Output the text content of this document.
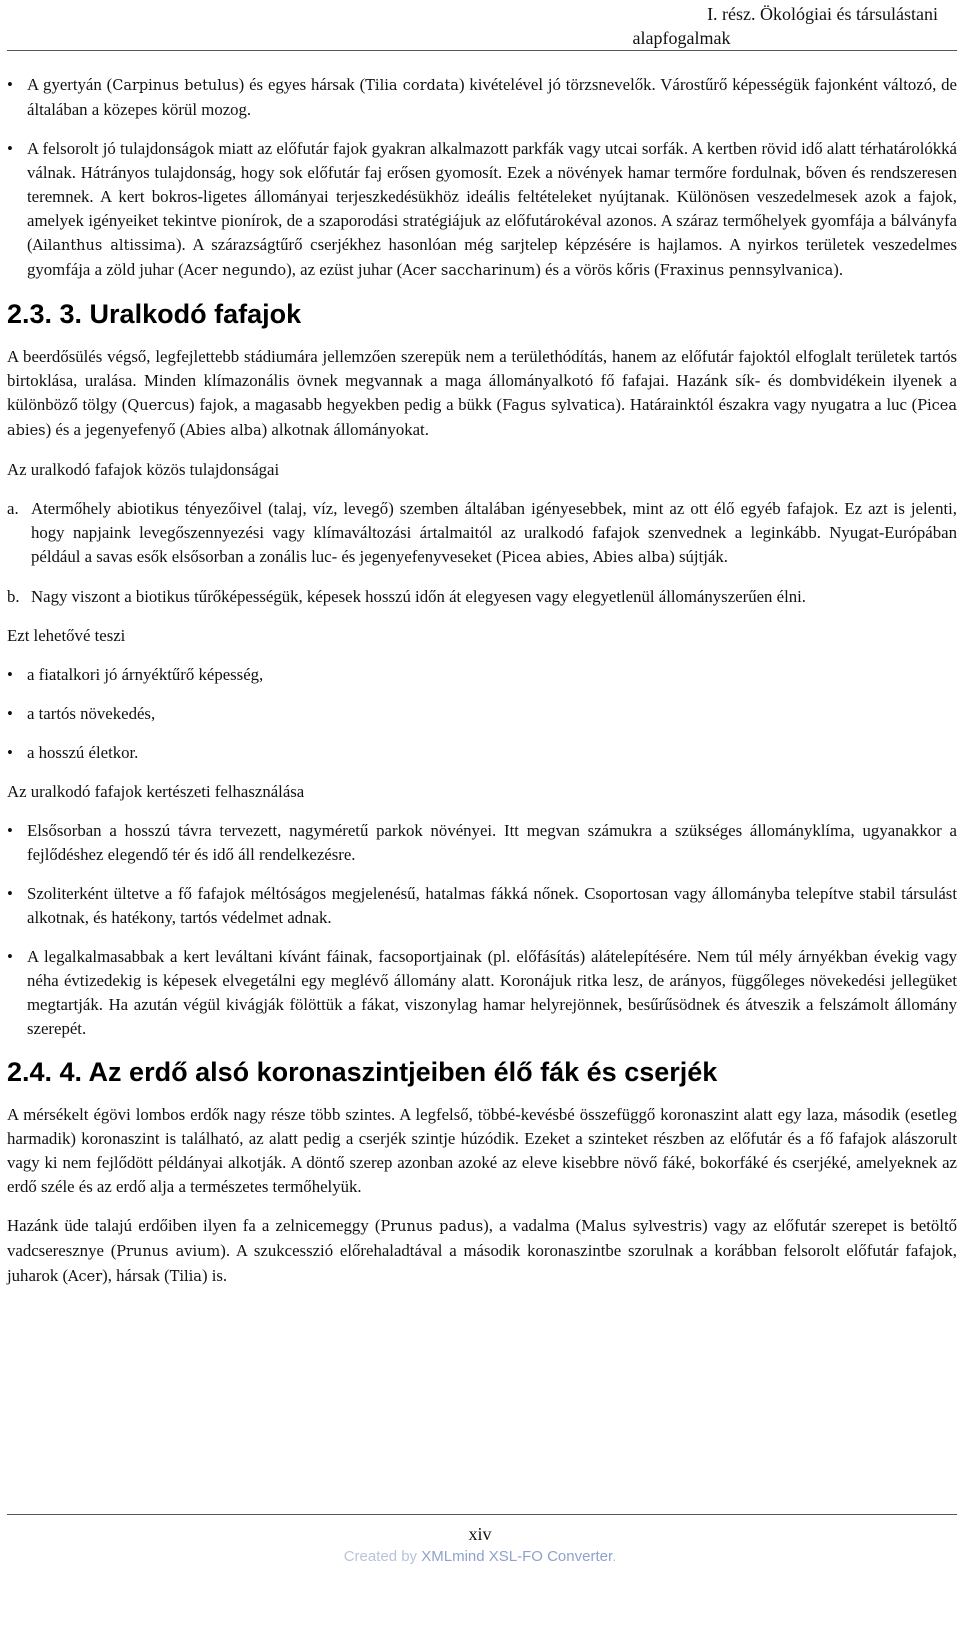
I. rész. Ökológiai és társulástani
alapfogalmak

• A gyertyán (Carpinus betulus) és egyes hársak (Tilia cordata) kivételével jó törzsnevelők. Várostűrő képességük fajonként változó, de általában a közepes körül mozog.

• A felsorolt jó tulajdonságok miatt az előfutár fajok gyakran alkalmazott parkfák vagy utcai sorfák. A kertben rövid idő alatt térhatárolókká válnak. Hátrányos tulajdonság, hogy sok előfutár faj erősen gyomosít. Ezek a növények hamar termőre fordulnak, bőven és rendszeresen teremnek. A kert bokros-ligetes állományai terjeszkedésükhöz ideális feltételeket nyújtanak. Különösen veszedelmesek azok a fajok, amelyek igényeiket tekintve pionírok, de a szaporodási stratégiájuk az előfutárokéval azonos. A száraz termőhelyek gyomfája a bálványfa (Ailanthus altissima). A szárazságtűrő cserjékhez hasonlóan még sarjtelep képzésére is hajlamos. A nyirkos területek veszedelmes gyomfája a zöld juhar (Acer negundo), az ezüst juhar (Acer saccharinum) és a vörös kőris (Fraxinus pennsylvanica).

2.3. 3. Uralkodó fafajok

A beerdősülés végső, legfejlettebb stádiumára jellemzően szerepük nem a területhódítás, hanem az előfutár fajoktól elfoglalt területek tartós birtoklása, uralása. Minden klímazonális övnek megvannak a maga állományalkotó fő fafajai. Hazánk sík- és dombvidékein ilyenek a különböző tölgy (Quercus) fajok, a magasabb hegyekben pedig a bükk (Fagus sylvatica). Határainktól északra vagy nyugatra a luc (Picea abies) és a jegenyefenyő (Abies alba) alkotnak állományokat.

Az uralkodó fafajok közös tulajdonságai

a. Atermőhely abiotikus tényezőivel (talaj, víz, levegő) szemben általában igényesebbek, mint az ott élő egyéb fafajok. Ez azt is jelenti, hogy napjaink levegőszennyezési vagy klímaváltozási ártalmaitól az uralkodó fafajok szenvednek a leginkább. Nyugat-Európában például a savas esők elsősorban a zonális luc- és jegenyefenyveseket (Picea abies, Abies alba) sújtják.

b. Nagy viszont a biotikus tűrőképességük, képesek hosszú időn át elegyesen vagy elegyetlenül állományszerűen élni.

Ezt lehetővé teszi

• a fiatalkori jó árnyéktűrő képesség,

• a tartós növekedés,

• a hosszú életkor.

Az uralkodó fafajok kertészeti felhasználása

• Elsősorban a hosszú távra tervezett, nagyméretű parkok növényei. Itt megvan számukra a szükséges állományklíma, ugyanakkor a fejlődéshez elegendő tér és idő áll rendelkezésre.

• Szoliterként ültetve a fő fafajok méltóságos megjelenésű, hatalmas fákká nőnek. Csoportosan vagy állományba telepítve stabil társulást alkotnak, és hatékony, tartós védelmet adnak.

• A legalkalmasabbak a kert leváltani kívánt fáinak, facsoportjainak (pl. előfásítás) alátelepítésére. Nem túl mély árnyékban évekig vagy néha évtizedekig is képesek elvegetálni egy meglévő állomány alatt. Koronájuk ritka lesz, de arányos, függőleges növekedési jellegüket megtartják. Ha azután végül kivágják fölöttük a fákat, viszonylag hamar helyrejönnek, besűrűsödnek és átveszik a felszámolt állomány szerepét.

2.4. 4. Az erdő alsó koronaszintjeiben élő fák és cserjék

A mérsékelt égövi lombos erdők nagy része több szintes. A legfelső, többé-kevésbé összefüggő koronaszint alatt egy laza, második (esetleg harmadik) koronaszint is található, az alatt pedig a cserjék szintje húzódik. Ezeket a szinteket részben az előfutár és a fő fafajok alászorult vagy ki nem fejlődött példányai alkotják. A döntő szerep azonban azoké az eleve kisebbre növő fáké, bokorfáké és cserjéké, amelyeknek az erdő széle és az erdő alja a természetes termőhelyük.

Hazánk üde talajú erdőiben ilyen fa a zelnicemeggy (Prunus padus), a vadalma (Malus sylvestris) vagy az előfutár szerepet is betöltő vadcseresznye (Prunus avium). A szukcesszió előrehaladtával a második koronaszintbe szorulnak a korábban felsorolt előfutár fafajok, juharok (Acer), hársak (Tilia) is.

xiv
Created by XMLmind XSL-FO Converter.
